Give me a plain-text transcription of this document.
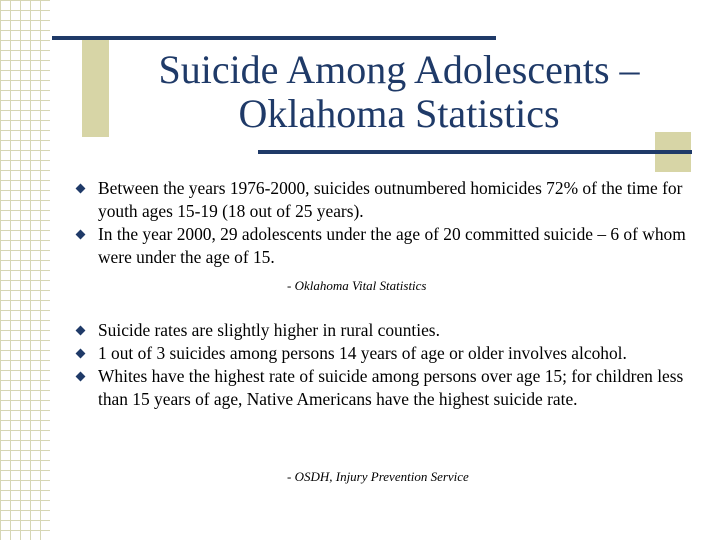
Suicide Among Adolescents –
Oklahoma Statistics
Between the years 1976-2000, suicides outnumbered homicides 72% of the time for youth ages 15-19 (18 out of 25 years).
In the year 2000, 29 adolescents under the age of 20 committed suicide – 6 of whom were under the age of 15.
- Oklahoma Vital Statistics
Suicide rates are slightly higher in rural counties.
1 out of 3 suicides among persons 14 years of age or older involves alcohol.
Whites have the highest rate of suicide among persons over age 15; for children less than 15 years of age, Native Americans have the highest suicide rate.
- OSDH, Injury Prevention Service
